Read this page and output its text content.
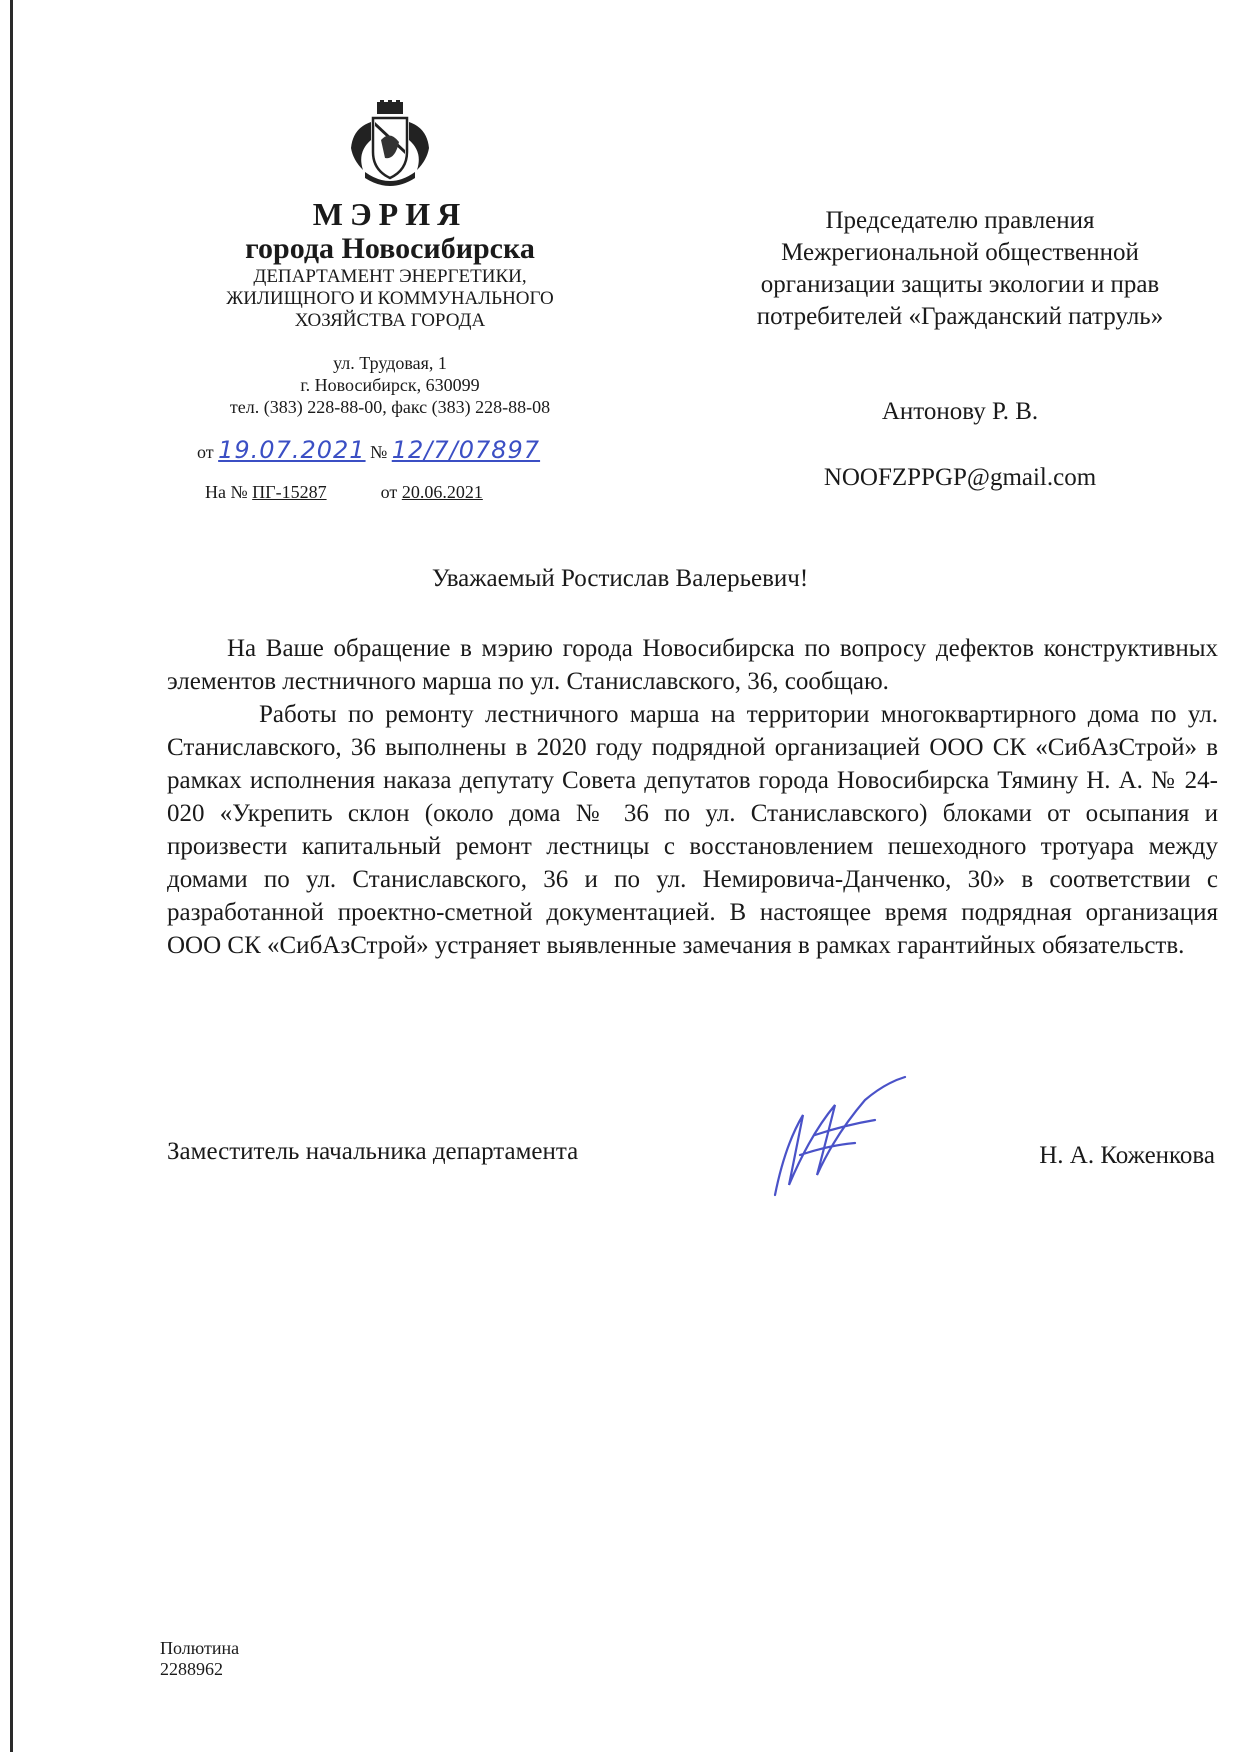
МЭРИЯ
города Новосибирска
ДЕПАРТАМЕНТ ЭНЕРГЕТИКИ,
ЖИЛИЩНОГО И КОММУНАЛЬНОГО
ХОЗЯЙСТВА ГОРОДА
ул. Трудовая, 1
г. Новосибирск, 630099
тел. (383) 228-88-00, факс (383) 228-88-08
от 19.07.2021 № 12/7/07897
На № ПГ-15287	от 20.06.2021
Председателю правления
Межрегиональной общественной
организации защиты экологии и прав
потребителей «Гражданский патруль»
Антонову Р. В.
NOOFZPPGP@gmail.com
Уважаемый Ростислав Валерьевич!

На Ваше обращение в мэрию города Новосибирска по вопросу дефектов конструктивных элементов лестничного марша по ул. Станиславского, 36, сообщаю.

Работы по ремонту лестничного марша на территории многоквартирного дома по ул. Станиславского, 36 выполнены в 2020 году подрядной организацией ООО СК «СибАзСтрой» в рамках исполнения наказа депутату Совета депутатов города Новосибирска Тямину Н. А. № 24-020 «Укрепить склон (около дома № 36 по ул. Станиславского) блоками от осыпания и произвести капитальный ремонт лестницы с восстановлением пешеходного тротуара между домами по ул. Станиславского, 36 и по ул. Немировича-Данченко, 30» в соответствии с разработанной проектно-сметной документацией. В настоящее время подрядная организация ООО СК «СибАзСтрой» устраняет выявленные замечания в рамках гарантийных обязательств.

Заместитель начальника департамента	Н. А. Коженкова
Полютина
2288962
